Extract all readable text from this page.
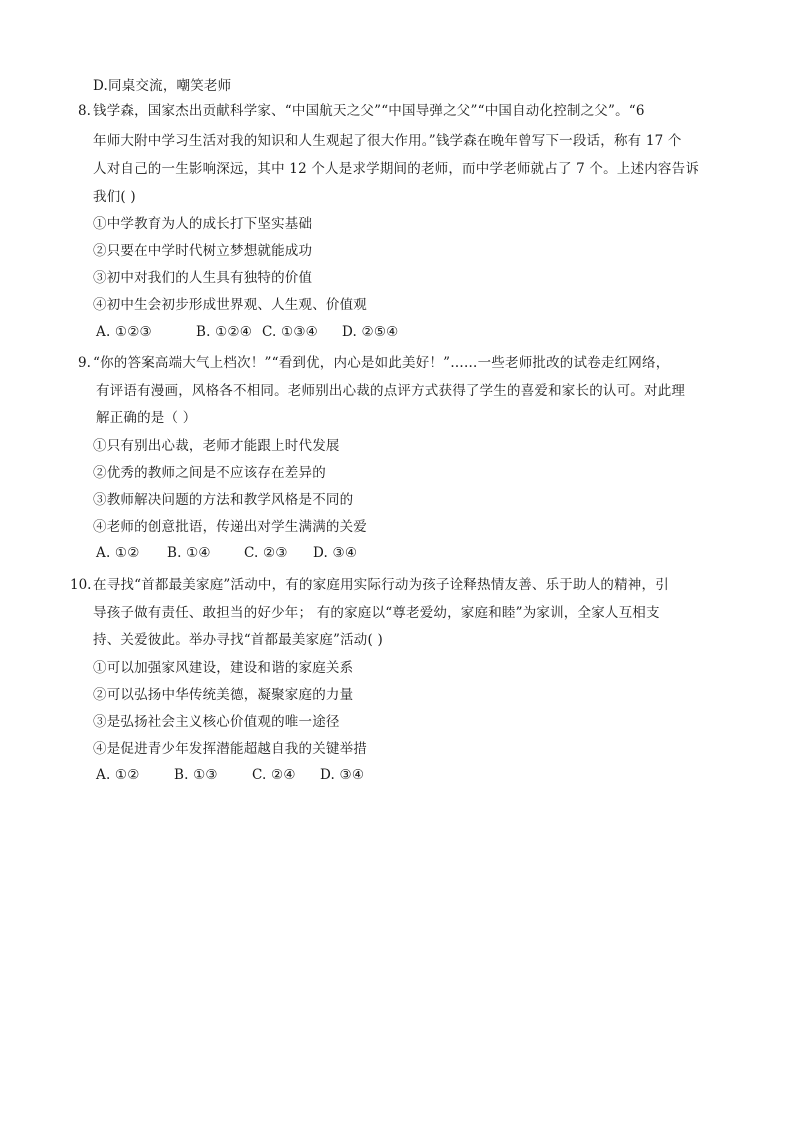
D.同桌交流，嘲笑老师
8. 钱学森，国家杰出贡献科学家、“中国航天之父”“中国导弹之父”“中国自动化控制之父”。“6
年师大附中学习生活对我的知识和人生观起了很大作用。”钱学森在晚年曾写下一段话，称有 17 个
人对自己的一生影响深远，其中 12 个人是求学期间的老师，而中学老师就占了 7 个。上述内容告诉
我们( )
①中学教育为人的成长打下坚实基础
②只要在中学时代树立梦想就能成功
③初中对我们的人生具有独特的价值
④初中生会初步形成世界观、人生观、价值观
A. ①②③	B. ①②④ C. ①③④ D. ②⑤④
9. “你的答案高端大气上档次！”“看到优，内心是如此美好！”……一些老师批改的试卷走红网络，
有评语有漫画，风格各不相同。老师别出心裁的点评方式获得了学生的喜爱和家长的认可。对此理
解正确的是（ ）
①只有别出心裁，老师才能跟上时代发展
②优秀的教师之间是不应该存在差异的
③教师解决问题的方法和教学风格是不同的
④老师的创意批语，传递出对学生满满的关爱
A. ①② B. ①④ C. ②③ D. ③④
10. 在寻找“首都最美家庭”活动中，有的家庭用实际行动为孩子诠释热情友善、乐于助人的精神，引
导孩子做有责任、敢担当的好少年； 有的家庭以“尊老爱幼，家庭和睦”为家训，全家人互相支
持、关爱彼此。举办寻找“首都最美家庭”活动( )
①可以加强家风建设，建设和谐的家庭关系
②可以弘扬中华传统美德，凝聚家庭的力量
③是弘扬社会主义核心价值观的唯一途径
④是促进青少年发挥潜能超越自我的关键举措
A. ①②	B. ①③	C. ②④ D. ③④
